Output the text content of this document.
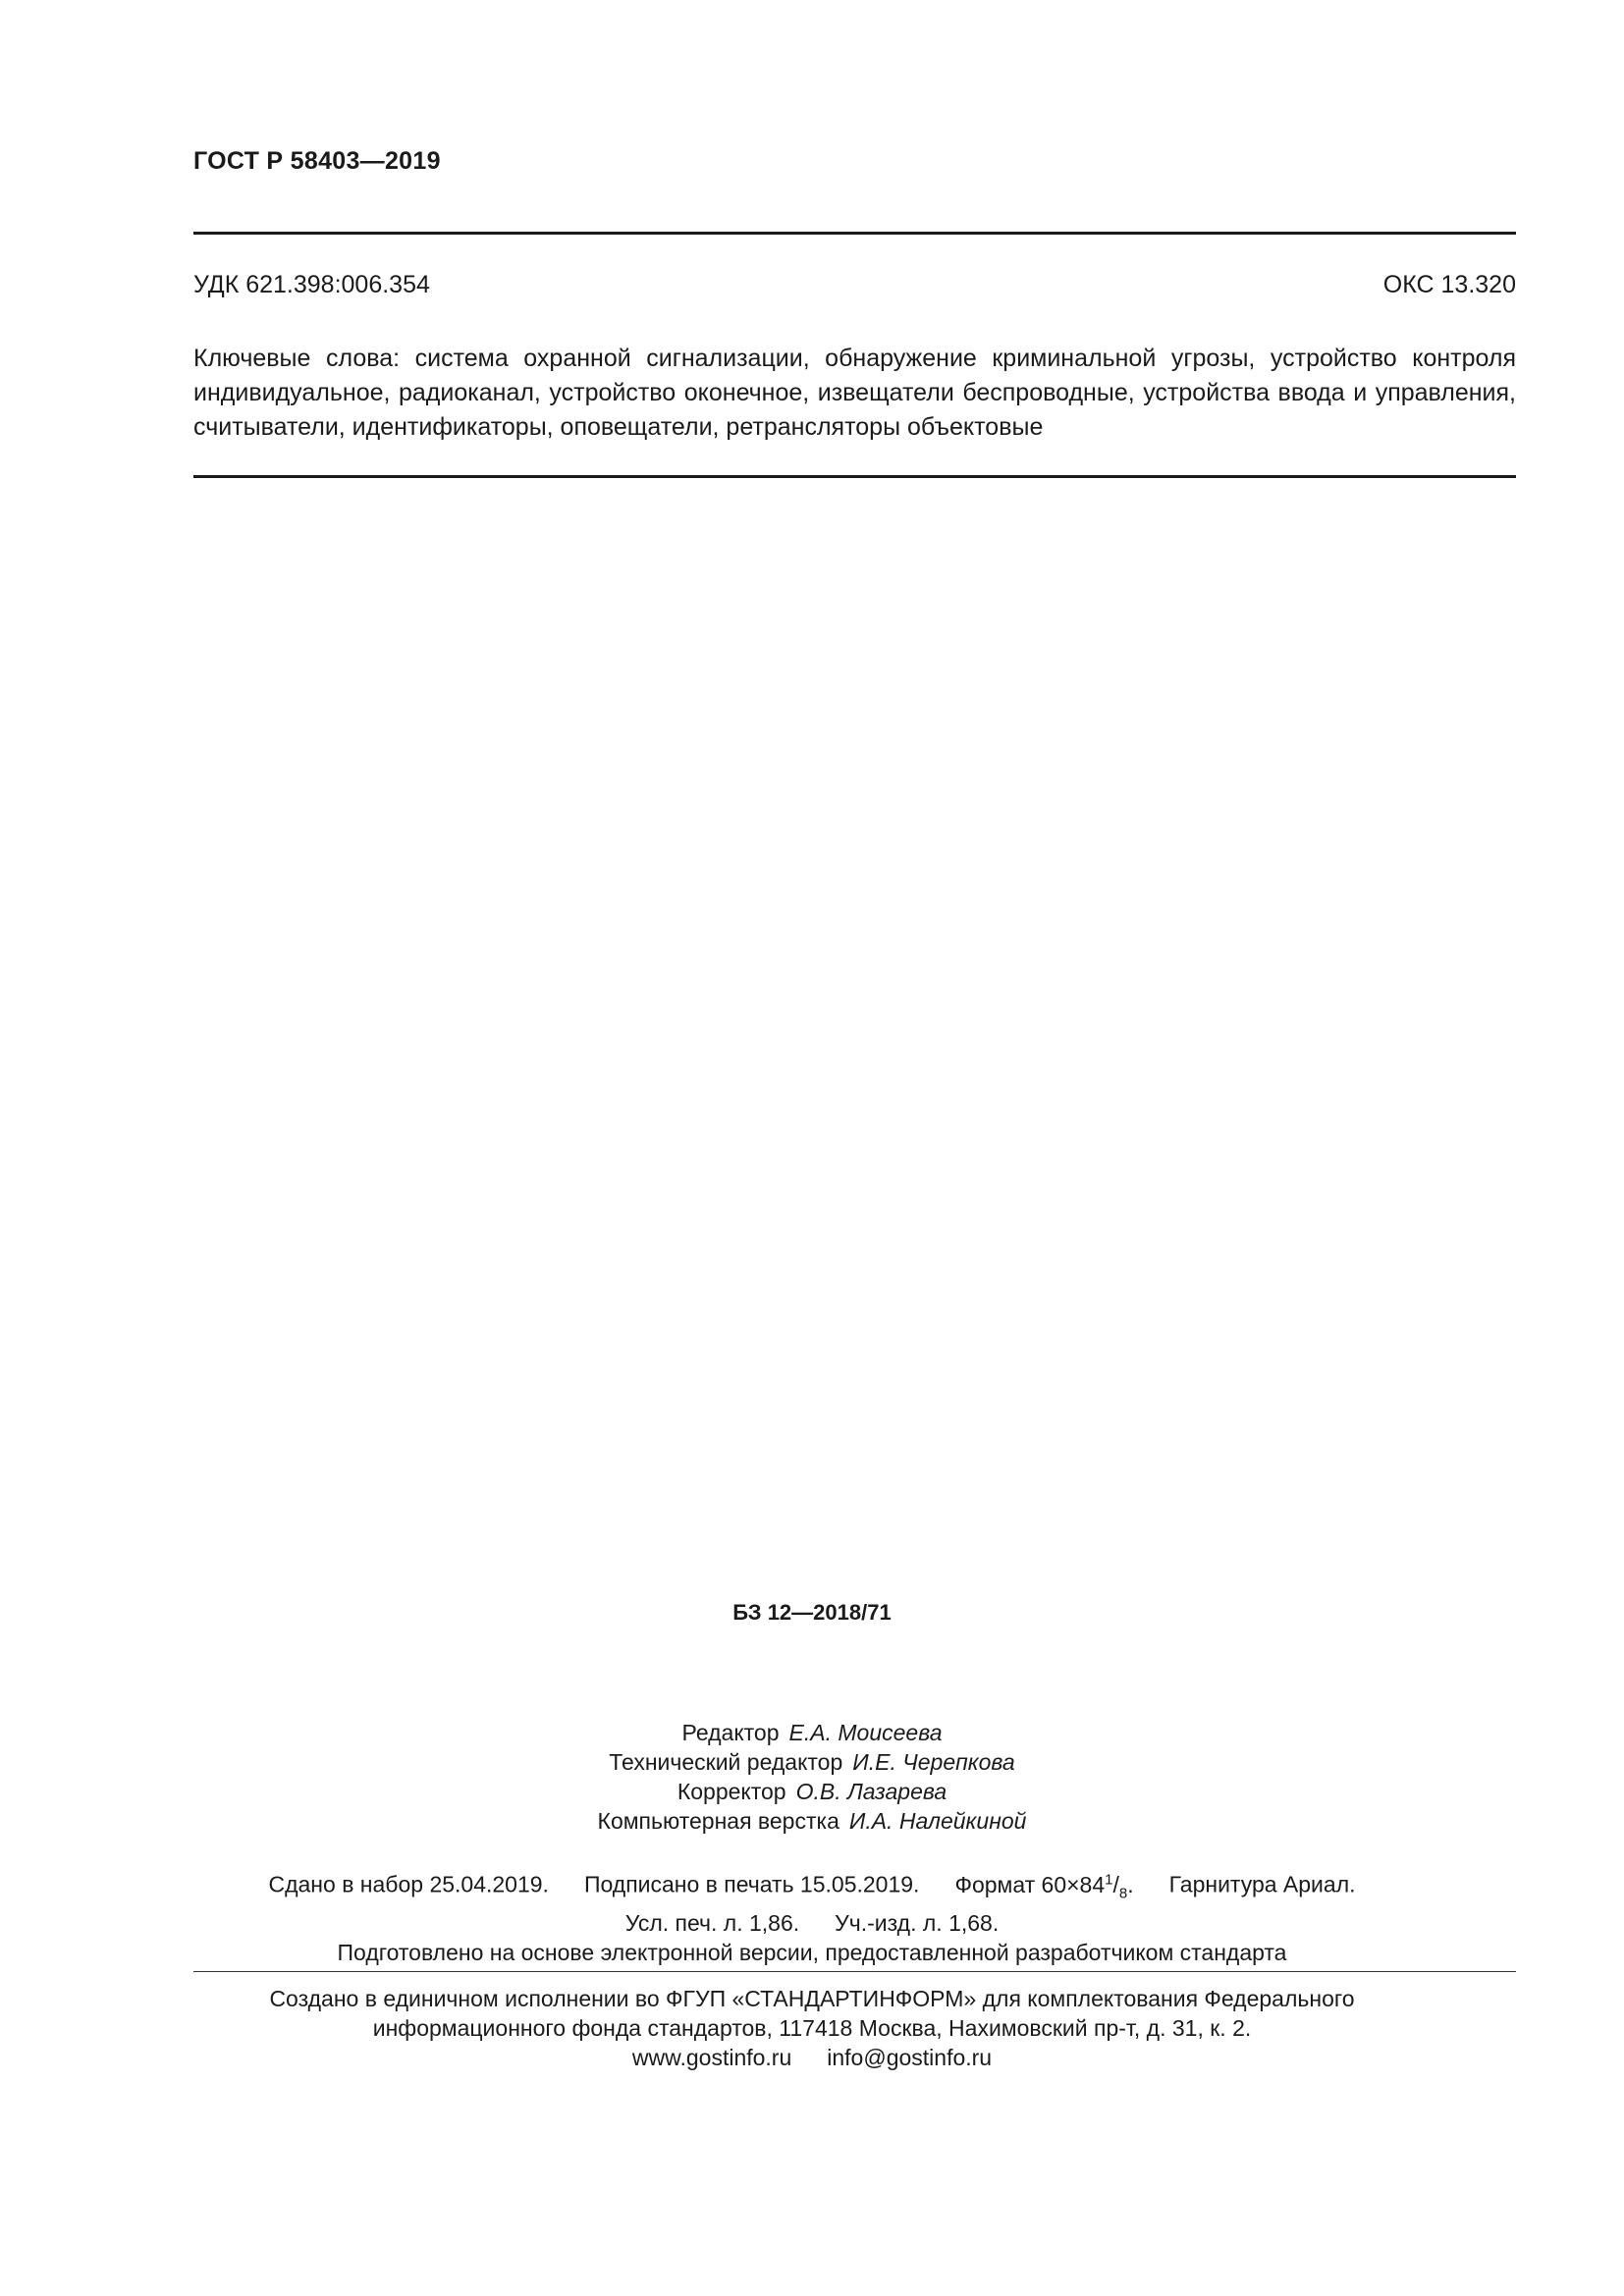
ГОСТ Р 58403—2019
УДК 621.398:006.354	ОКС 13.320
Ключевые слова: система охранной сигнализации, обнаружение криминальной угрозы, устройство контроля индивидуальное, радиоканал, устройство оконечное, извещатели беспроводные, устройства ввода и управления, считыватели, идентификаторы, оповещатели, ретрансляторы объектовые
БЗ 12—2018/71
Редактор Е.А. Моисеева
Технический редактор И.Е. Черепкова
Корректор О.В. Лазарева
Компьютерная верстка И.А. Налейкиной
Сдано в набор 25.04.2019. Подписано в печать 15.05.2019. Формат $60\times 84^1/_8$. Гарнитура Ариал.
Усл. печ. л. 1,86. Уч.-изд. л. 1,68.
Подготовлено на основе электронной версии, предоставленной разработчиком стандарта
Создано в единичном исполнении во ФГУП «СТАНДАРТИНФОРМ» для комплектования Федерального
информационного фонда стандартов, 117418 Москва, Нахимовский пр-т, д. 31, к. 2.
www.gostinfo.ru info@gostinfo.ru
